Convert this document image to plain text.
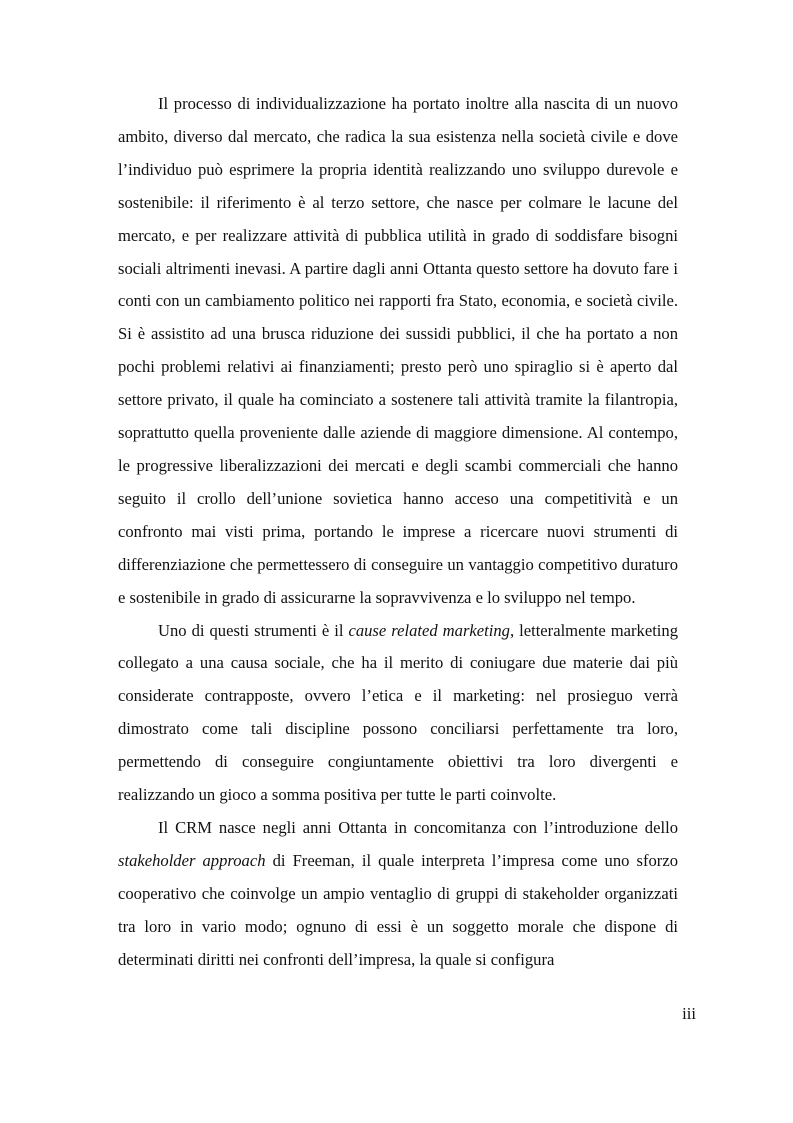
Il processo di individualizzazione ha portato inoltre alla nascita di un nuovo ambito, diverso dal mercato, che radica la sua esistenza nella società civile e dove l’individuo può esprimere la propria identità realizzando uno sviluppo durevole e sostenibile: il riferimento è al terzo settore, che nasce per colmare le lacune del mercato, e per realizzare attività di pubblica utilità in grado di soddisfare bisogni sociali altrimenti inevasi. A partire dagli anni Ottanta questo settore ha dovuto fare i conti con un cambiamento politico nei rapporti fra Stato, economia, e società civile. Si è assistito ad una brusca riduzione dei sussidi pubblici, il che ha portato a non pochi problemi relativi ai finanziamenti; presto però uno spiraglio si è aperto dal settore privato, il quale ha cominciato a sostenere tali attività tramite la filantropia, soprattutto quella proveniente dalle aziende di maggiore dimensione. Al contempo, le progressive liberalizzazioni dei mercati e degli scambi commerciali che hanno seguito il crollo dell’unione sovietica hanno acceso una competitività e un confronto mai visti prima, portando le imprese a ricercare nuovi strumenti di differenziazione che permettessero di conseguire un vantaggio competitivo duraturo e sostenibile in grado di assicurarne la sopravvivenza e lo sviluppo nel tempo.

Uno di questi strumenti è il cause related marketing, letteralmente marketing collegato a una causa sociale, che ha il merito di coniugare due materie dai più considerate contrapposte, ovvero l’etica e il marketing: nel prosieguo verrà dimostrato come tali discipline possono conciliarsi perfettamente tra loro, permettendo di conseguire congiuntamente obiettivi tra loro divergenti e realizzando un gioco a somma positiva per tutte le parti coinvolte.

Il CRM nasce negli anni Ottanta in concomitanza con l’introduzione dello stakeholder approach di Freeman, il quale interpreta l’impresa come uno sforzo cooperativo che coinvolge un ampio ventaglio di gruppi di stakeholder organizzati tra loro in vario modo; ognuno di essi è un soggetto morale che dispone di determinati diritti nei confronti dell’impresa, la quale si configura

iii
